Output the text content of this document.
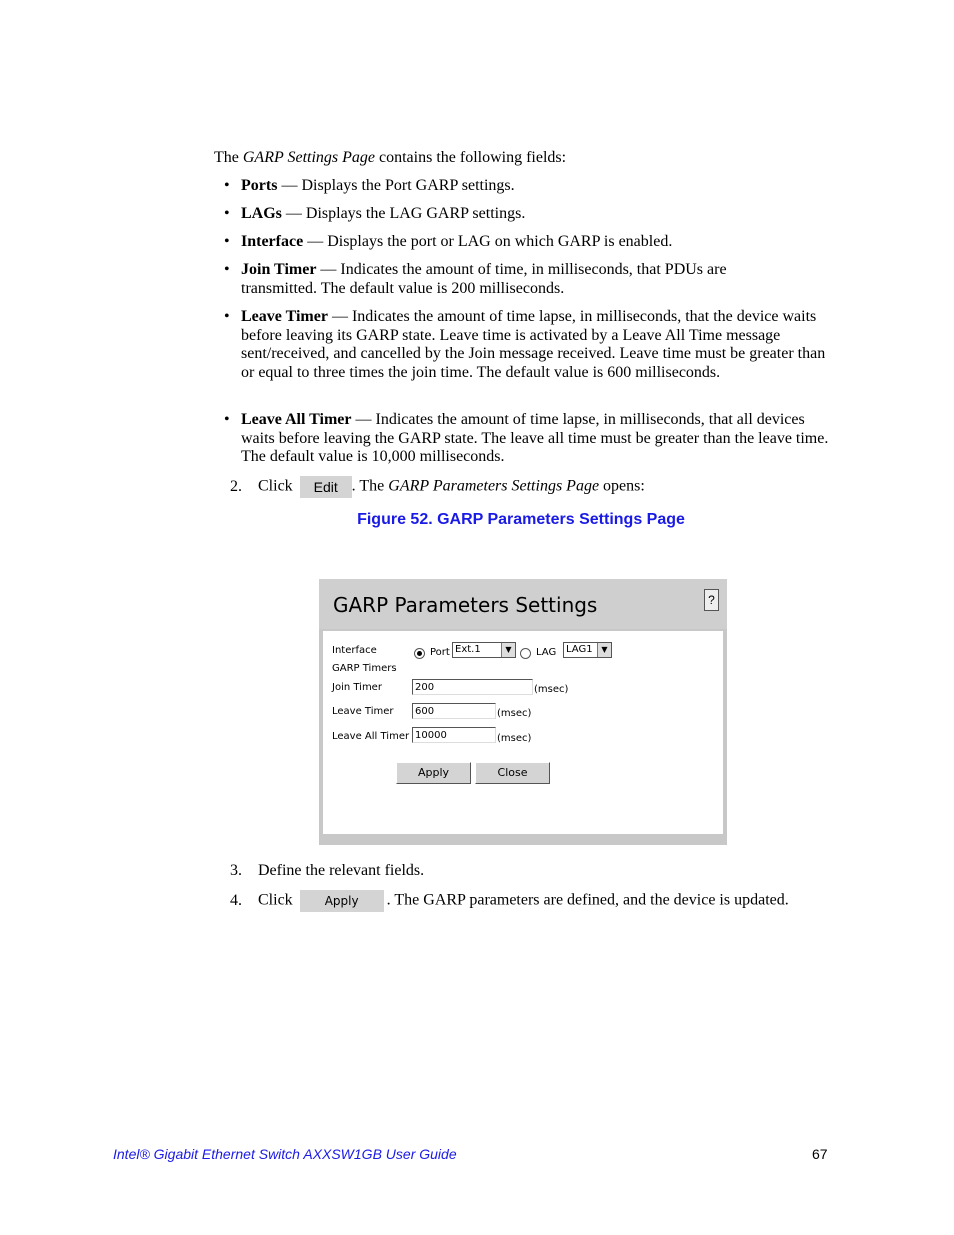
The GARP Settings Page contains the following fields:
• Ports — Displays the Port GARP settings.
• LAGs — Displays the LAG GARP settings.
• Interface — Displays the port or LAG on which GARP is enabled.
• Join Timer — Indicates the amount of time, in milliseconds, that PDUs are transmitted. The default value is 200 milliseconds.
• Leave Timer — Indicates the amount of time lapse, in milliseconds, that the device waits before leaving its GARP state. Leave time is activated by a Leave All Time message sent/received, and cancelled by the Join message received. Leave time must be greater than or equal to three times the join time. The default value is 600 milliseconds.
• Leave All Timer — Indicates the amount of time lapse, in milliseconds, that all devices waits before leaving the GARP state. The leave all time must be greater than the leave time. The default value is 10,000 milliseconds.
2. Click Edit . The GARP Parameters Settings Page opens:
Figure 52. GARP Parameters Settings Page
GARP Parameters Settings	?
Interface	Port Ext.1	▼	LAG LAG1	▼
GARP Timers
Join Timer	200	(msec)
Leave Timer	600	(msec)
Leave All Timer 10000	(msec)
Apply	Close
3. Define the relevant fields.
4. Click	Apply . The GARP parameters are defined, and the device is updated.
Intel® Gigabit Ethernet Switch AXXSW1GB User Guide	67
